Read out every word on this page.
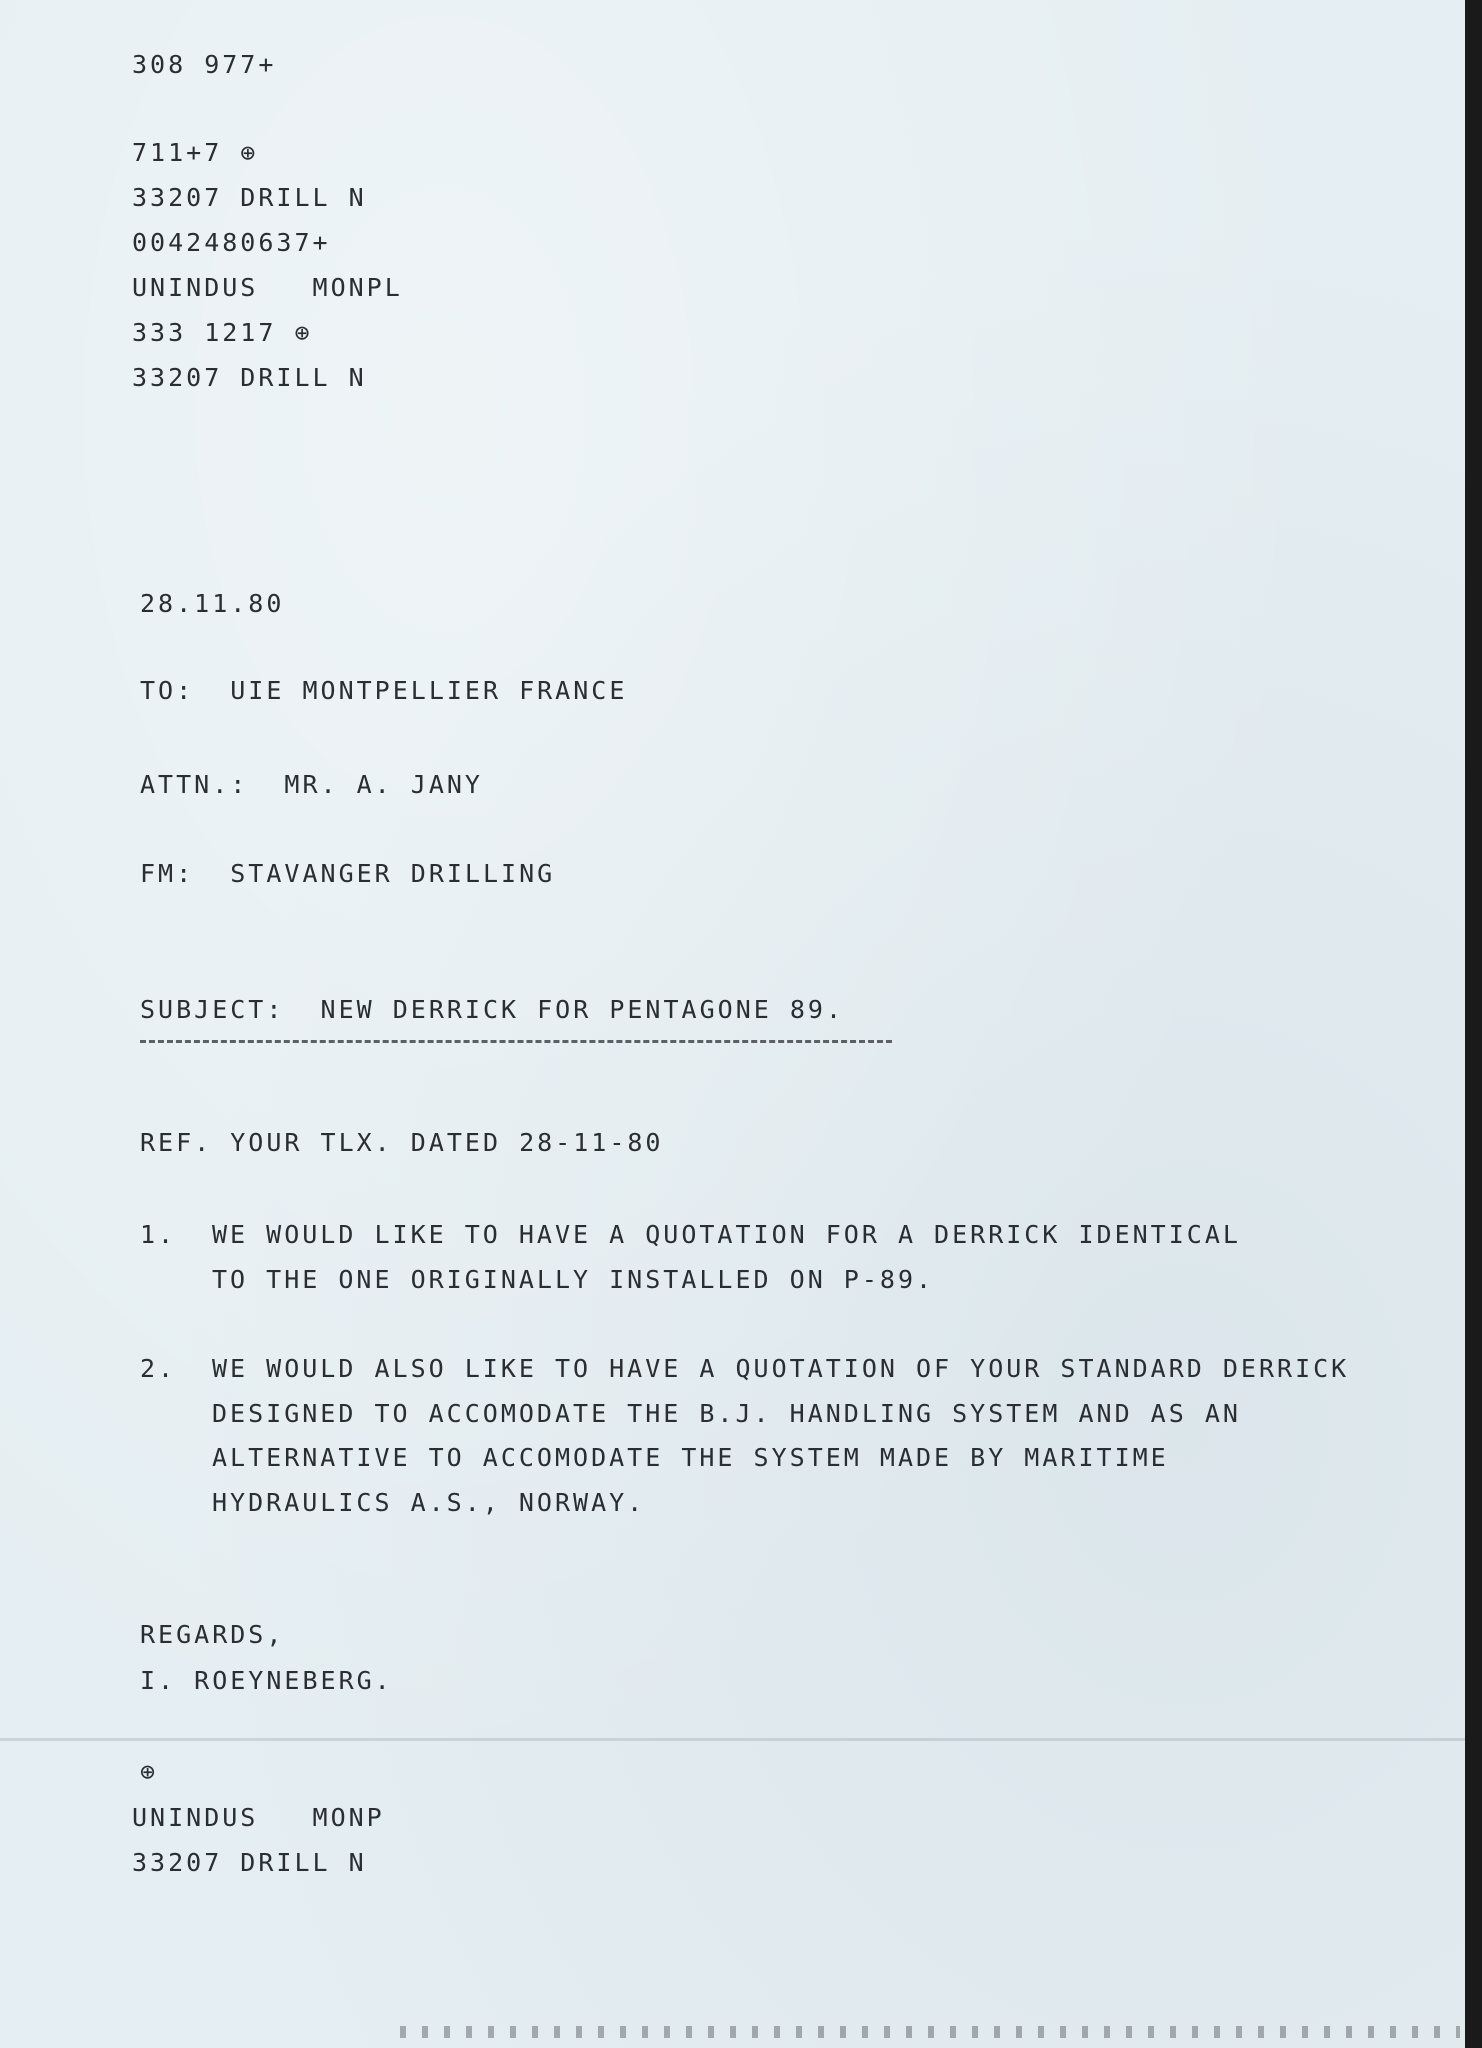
308 977+
711+7 ⊕
33207 DRILL N
0042480637+
UNINDUS   MONPL
333 1217 ⊕
33207 DRILL N
28.11.80
TO:  UIE MONTPELLIER FRANCE
ATTN.:  MR. A. JANY
FM:  STAVANGER DRILLING
SUBJECT:  NEW DERRICK FOR PENTAGONE 89.
REF. YOUR TLX. DATED 28-11-80
1. WE WOULD LIKE TO HAVE A QUOTATION FOR A DERRICK IDENTICAL
TO THE ONE ORIGINALLY INSTALLED ON P-89.
2. WE WOULD ALSO LIKE TO HAVE A QUOTATION OF YOUR STANDARD DERRICK
DESIGNED TO ACCOMODATE THE B.J. HANDLING SYSTEM AND AS AN
ALTERNATIVE TO ACCOMODATE THE SYSTEM MADE BY MARITIME
HYDRAULICS A.S., NORWAY.
REGARDS,
I. ROEYNEBERG.
⊕
UNINDUS   MONP
33207 DRILL N
